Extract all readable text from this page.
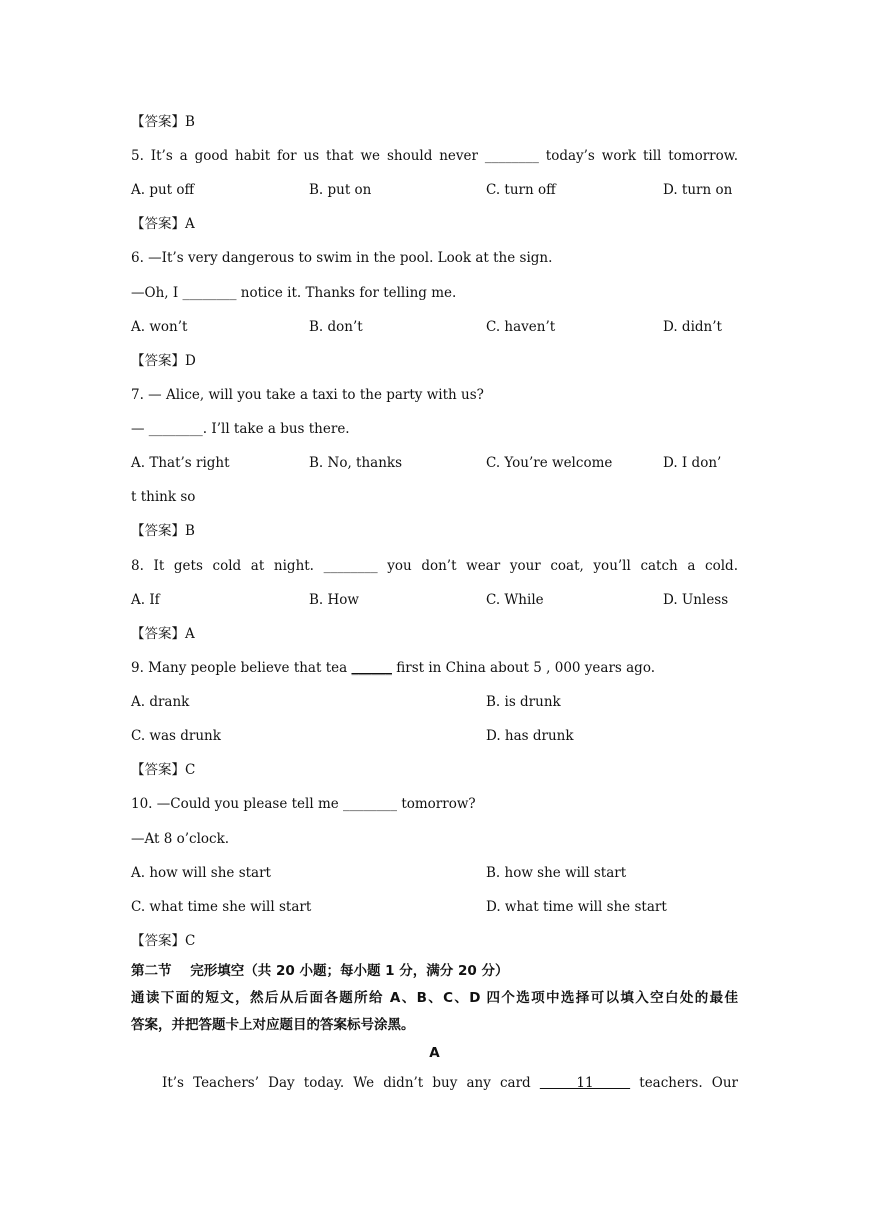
【答案】B
5. It’s a good habit for us that we should never ________ today’s work till tomorrow.
A. put off	B. put on	C. turn off	D. turn on
【答案】A
6. —It’s very dangerous to swim in the pool. Look at the sign.
—Oh, I ________ notice it. Thanks for telling me.
A. won’t	B. don’t	C. haven’t	D. didn’t
【答案】D
7. — Alice, will you take a taxi to the party with us?
— ________. I’ll take a bus there.
A. That’s right	B. No, thanks	C. You’re welcome	D. I don’
t think so
【答案】B
8. It gets cold at night. ________ you don’t wear your coat, you’ll catch a cold.
A. If	B. How	C. While	D. Unless
【答案】A
9. Many people believe that tea ______ first in China about 5 , 000 years ago.
A. drank	B. is drunk
C. was drunk	D. has drunk
【答案】C
10. —Could you please tell me ________ tomorrow?
—At 8 o’clock.
A. how will she start	B. how she will start
C. what time she will start	D. what time will she start
【答案】C
第二节    完形填空（共 20 小题；每小题 1 分，满分 20 分）
通读下面的短文，然后从后面各题所给 A、B、C、D 四个选项中选择可以填入空白处的最佳
答案，并把答题卡上对应题目的答案标号涂黑。
A
It’s Teachers’ Day today. We didn’t buy any card     11     teachers. Our
